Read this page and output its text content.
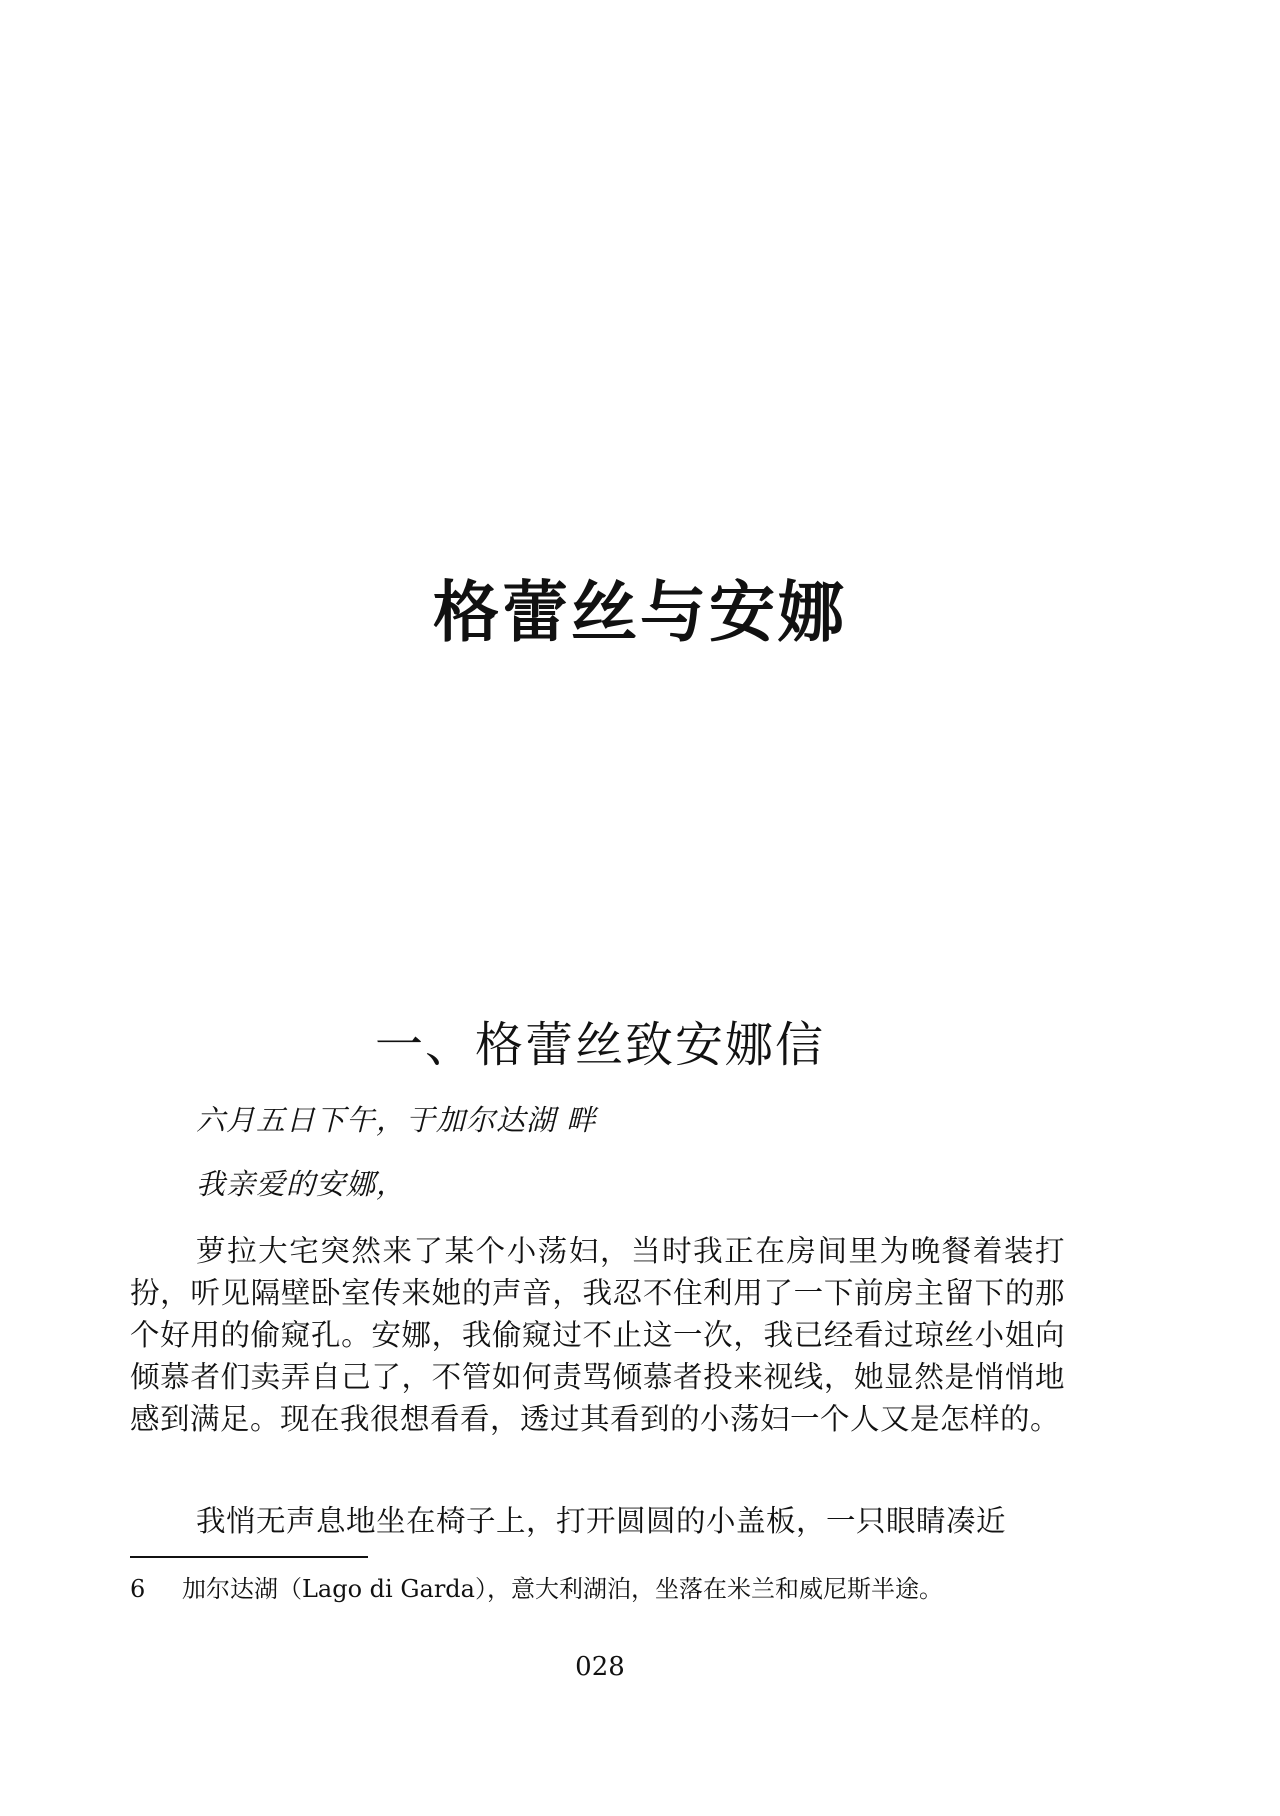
格蕾丝与安娜
一、格蕾丝致安娜信

六月五日下午，于加尔达湖 畔

我亲爱的安娜，

萝拉大宅突然来了某个小荡妇，当时我正在房间里为晚餐着装打扮，听见隔壁卧室传来她的声音，我忍不住利用了一下前房主留下的那个好用的偷窥孔。安娜，我偷窥过不止这一次，我已经看过琼丝小姐向倾慕者们卖弄自己了，不管如何责骂倾慕者投来视线，她显然是悄悄地感到满足。现在我很想看看，透过其看到的小荡妇一个人又是怎样的。

我悄无声息地坐在椅子上，打开圆圆的小盖板，一只眼睛凑近

6 加尔达湖（Lago di Garda），意大利湖泊，坐落在米兰和威尼斯半途。

028
